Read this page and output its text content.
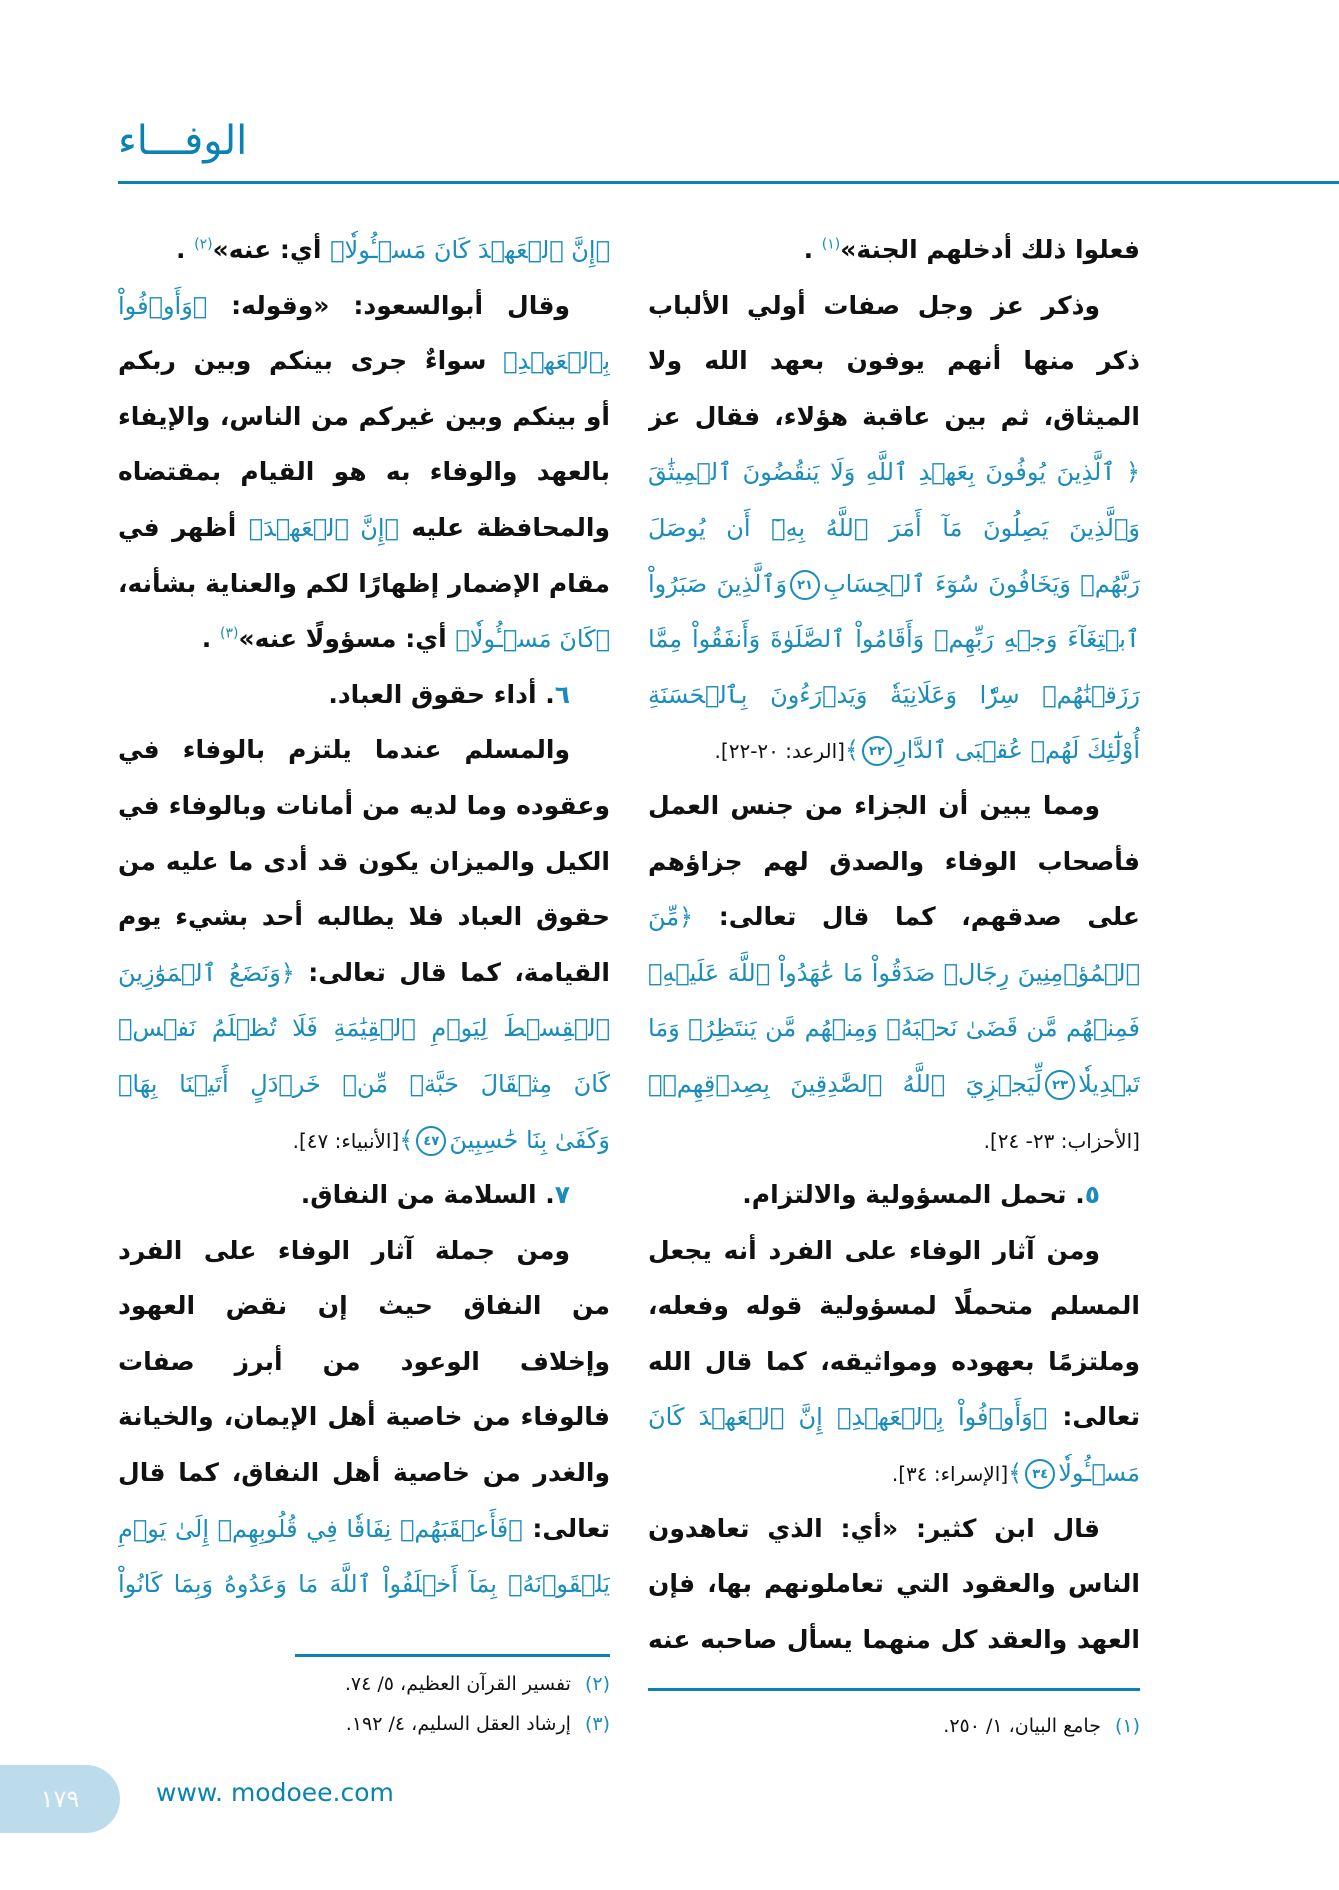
الوفـــاء
فعلوا ذلك أدخلهم الجنة»$^{(١)}$ .
وذكر عز وجل صفات أولي الألباب
ذكر منها أنهم يوفون بعهد الله ولا
الميثاق، ثم بين عاقبة هؤلاء، فقال عز
﴿ ٱلَّذِينَ يُوفُونَ بِعَهۡدِ ٱللَّهِ وَلَا يَنقُضُونَ ٱلۡمِيثَٰقَ
وَٱلَّذِينَ يَصِلُونَ مَآ أَمَرَ ٱللَّهُ بِهِۦٓ أَن يُوصَلَ
رَبَّهُمۡ وَيَخَافُونَ سُوٓءَ ٱلۡحِسَابِ٢١وَٱلَّذِينَ صَبَرُواْ
ٱبۡتِغَآءَ وَجۡهِ رَبِّهِمۡ وَأَقَامُواْ ٱلصَّلَوٰةَ وَأَنفَقُواْ مِمَّا
رَزَقۡنَٰهُمۡ سِرّٗا وَعَلَانِيَةٗ وَيَدۡرَءُونَ بِٱلۡحَسَنَةِ
أُوْلَٰٓئِكَ لَهُمۡ عُقۡبَى ٱلدَّارِ٢٢﴾[الرعد: ٢٠-٢٢].
ومما يبين أن الجزاء من جنس العمل
فأصحاب الوفاء والصدق لهم جزاؤهم
على صدقهم، كما قال تعالى: ﴿مِّنَ
ٱلۡمُؤۡمِنِينَ رِجَالٞ صَدَقُواْ مَا عَٰهَدُواْ ٱللَّهَ عَلَيۡهِۖ
فَمِنۡهُم مَّن قَضَىٰ نَحۡبَهُۥ وَمِنۡهُم مَّن يَنتَظِرُۖ وَمَا
تَبۡدِيلٗا٢٣لِّيَجۡزِيَ ٱللَّهُ ٱلصَّٰدِقِينَ بِصِدۡقِهِمۡ﴾
[الأحزاب: ٢٣- ٢٤].
٥. تحمل المسؤولية والالتزام.
ومن آثار الوفاء على الفرد أنه يجعل
المسلم متحملًا لمسؤولية قوله وفعله،
وملتزمًا بعهوده ومواثيقه، كما قال الله
تعالى: ﴿وَأَوۡفُواْ بِٱلۡعَهۡدِۖ إِنَّ ٱلۡعَهۡدَ كَانَ
مَسۡـُٔولٗا٣٤﴾[الإسراء: ٣٤].
قال ابن كثير: «أي: الذي تعاهدون
الناس والعقود التي تعاملونهم بها، فإن
العهد والعقد كل منهما يسأل صاحبه عنه
﴿إِنَّ ٱلۡعَهۡدَ كَانَ مَسۡـُٔولٗا﴾ أي: عنه»$^{(٢)}$ .
وقال أبوالسعود: «وقوله: ﴿وَأَوۡفُواْ
بِٱلۡعَهۡدِ﴾ سواءٌ جرى بينكم وبين ربكم
أو بينكم وبين غيركم من الناس، والإيفاء
بالعهد والوفاء به هو القيام بمقتضاه
والمحافظة عليه ﴿إِنَّ ٱلۡعَهۡدَ﴾ أظهر في
مقام الإضمار إظهارًا لكم والعناية بشأنه،
﴿كَانَ مَسۡـُٔولٗا﴾ أي: مسؤولًا عنه»$^{(٣)}$ .
٦. أداء حقوق العباد.
والمسلم عندما يلتزم بالوفاء في
وعقوده وما لديه من أمانات وبالوفاء في
الكيل والميزان يكون قد أدى ما عليه من
حقوق العباد فلا يطالبه أحد بشيء يوم
القيامة، كما قال تعالى: ﴿وَنَضَعُ ٱلۡمَوَٰزِينَ
ٱلۡقِسۡطَ لِيَوۡمِ ٱلۡقِيَٰمَةِ فَلَا تُظۡلَمُ نَفۡسٞ
كَانَ مِثۡقَالَ حَبَّةٖ مِّنۡ خَرۡدَلٍ أَتَيۡنَا بِهَاۗ
وَكَفَىٰ بِنَا حَٰسِبِينَ٤٧﴾[الأنبياء: ٤٧].
٧. السلامة من النفاق.
ومن جملة آثار الوفاء على الفرد
من النفاق حيث إن نقض العهود
وإخلاف الوعود من أبرز صفات
فالوفاء من خاصية أهل الإيمان، والخيانة
والغدر من خاصية أهل النفاق، كما قال
تعالى: ﴿فَأَعۡقَبَهُمۡ نِفَاقٗا فِي قُلُوبِهِمۡ إِلَىٰ يَوۡمِ
يَلۡقَوۡنَهُۥ بِمَآ أَخۡلَفُواْ ٱللَّهَ مَا وَعَدُوهُ وَبِمَا كَانُواْ
(١)جامع البيان، ١/ ٢٥٠.
(٢)تفسير القرآن العظيم، ٥/ ٧٤.
(٣)إرشاد العقل السليم، ٤/ ١٩٢.
١٧٩	www. modoee.com
